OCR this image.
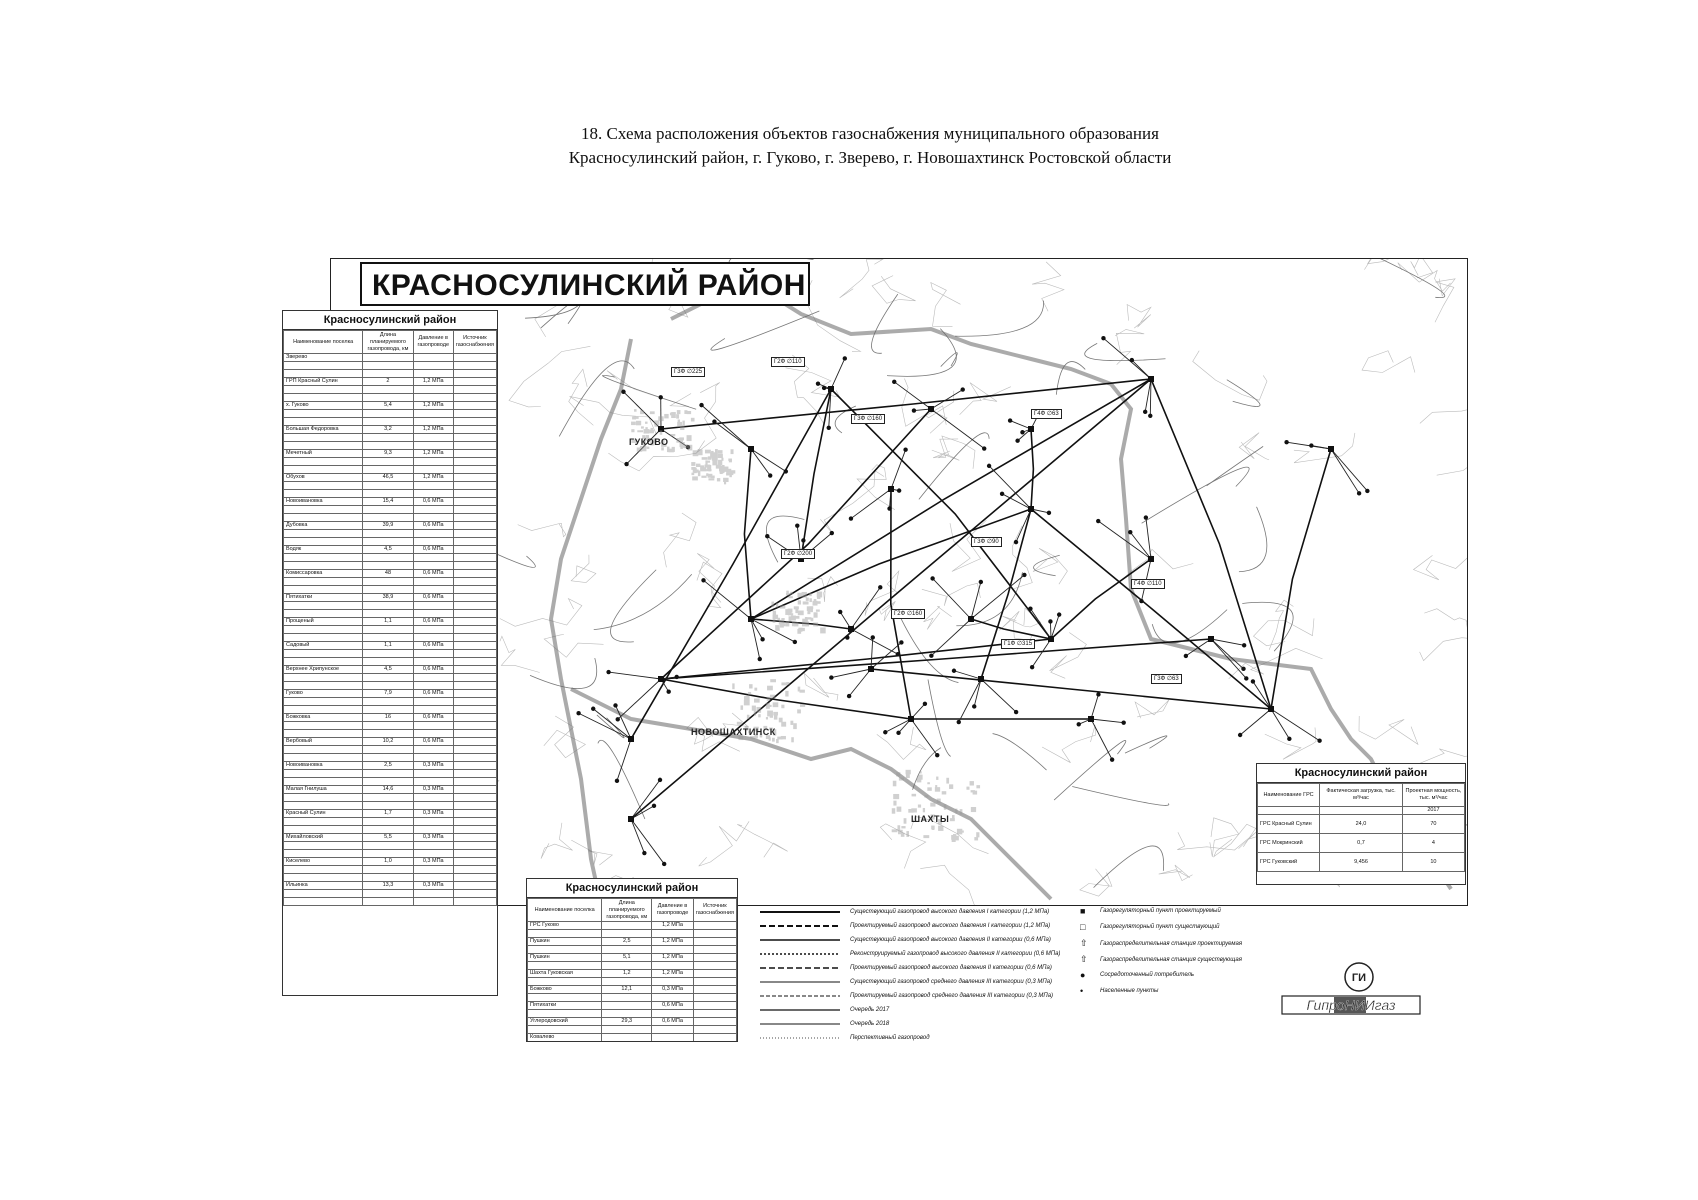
18. Схема расположения объектов газоснабжения муниципального образования
Красносулинский район, г. Гуково, г. Зверево, г. Новошахтинск Ростовской области
ГУКОВО
НОВОШАХТИНСК
ШАХТЫ
Г3Ф ∅225
Г2Ф ∅110
Г3Ф ∅160
Г4Ф ∅63
Г3Ф ∅90
Г2Ф ∅200
Г1Ф ∅315
Г4Ф ∅110
Г3Ф ∅63
Г2Ф ∅160
КРАСНОСУЛИНСКИЙ РАЙОН
Красносулинский район
Наименование поселка	Длина планируемого газопровода, км	Давление в газопроводе	Источник газоснабжения
Зверево			

ГРП Красный Сулин	2	1,2 МПа	

х. Гуково	5,4	1,2 МПа	

Большая Федоровка	3,2	1,2 МПа	

Мечетный	9,3	1,2 МПа	

Обухов	46,5	1,2 МПа	

Новоивановка	15,4	0,6 МПа	

Дубовка	39,9	0,6 МПа	

Водяк	4,5	0,6 МПа	

Комиссаровка	48	0,6 МПа	

Пятихатки	38,9	0,6 МПа	

Прощеный	1,1	0,6 МПа	

Садовый	1,1	0,6 МПа	

Верхнее Хрипунское	4,5	0,6 МПа	

Гуково	7,9	0,6 МПа	

Божковка	16	0,6 МПа	

Вербовый	10,2	0,6 МПа	

Новоивановка	2,5	0,3 МПа	

Малая Гнилуша	14,6	0,3 МПа	

Красный Сулин	1,7	0,3 МПа	

Михайловский	5,5	0,3 МПа	

Киселево	1,0	0,3 МПа	

Ильинка	13,3	0,3 МПа	

				Красносулинский район
Наименование поселка	Длина планируемого газопровода, км	Давление в газопроводе	Источник газоснабжения
ГРС Гуково		1,2 МПа	

Пушкин	2,5	1,2 МПа	

Пушкин	5,1	1,2 МПа	

Шахта Гуковская	1,2	1,2 МПа	

Божково	12,1	0,3 МПа	

Пятихатки		0,6 МПа	

Углеродовский	29,3	0,6 МПа	

Ковалево			

Красносулинский район
Наименование ГРС	Фактическая загрузка, тыс. м³/час	Проектная мощность, тыс. м³/час
		2017
ГРС Красный Сулин	24,0	70
ГРС Мокринский	0,7	4
ГРС Гуковский	9,456	10
Существующий газопровод высокого давления I категории (1,2 МПа)
Проектируемый газопровод высокого давления I категории (1,2 МПа)
Существующий газопровод высокого давления II категории (0,6 МПа)
Реконструируемый газопровод высокого давления II категории (0,6 МПа)
Проектируемый газопровод высокого давления II категории (0,6 МПа)
Существующий газопровод среднего давления III категории (0,3 МПа)
Проектируемый газопровод среднего давления III категории (0,3 МПа)
Очередь 2017
Очередь 2018
Перспективный газопровод
■	Газорегуляторный пункт проектируемый
□	Газорегуляторный пункт существующий
⇧	Газораспределительная станция проектируемая
⇧	Газораспределительная станция существующая
●	Сосредоточенный потребитель
•	Населенные пункты
ГИ
ГипроНИИгаз
